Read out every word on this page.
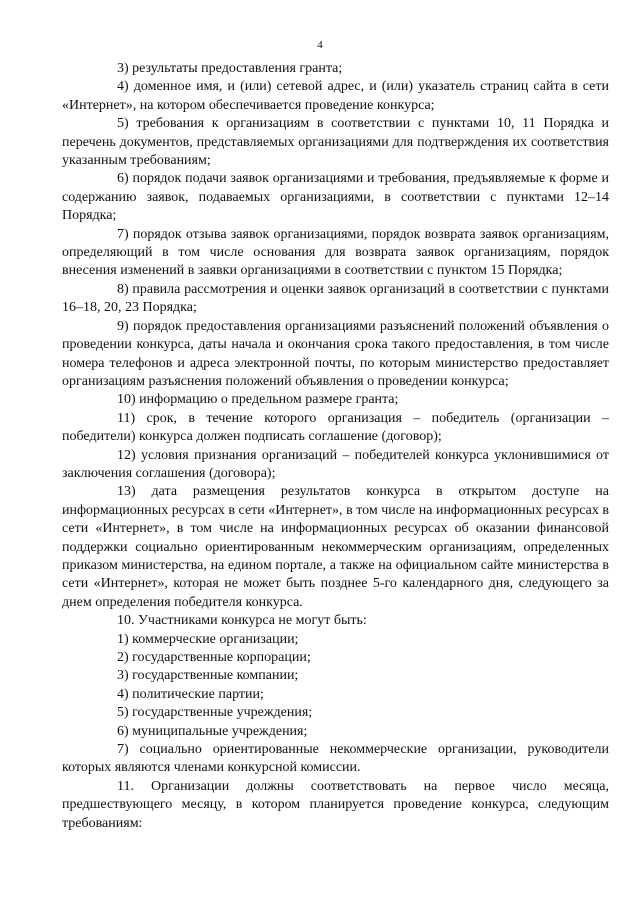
4

3) результаты предоставления гранта;

4) доменное имя, и (или) сетевой адрес, и (или) указатель страниц сайта в сети «Интернет», на котором обеспечивается проведение конкурса;

5) требования к организациям в соответствии с пунктами 10, 11 Порядка и перечень документов, представляемых организациями для подтверждения их соответствия указанным требованиям;

6) порядок подачи заявок организациями и требования, предъявляемые к форме и содержанию заявок, подаваемых организациями, в соответствии с пунктами 12–14 Порядка;

7) порядок отзыва заявок организациями, порядок возврата заявок организациям, определяющий в том числе основания для возврата заявок организациям, порядок внесения изменений в заявки организациями в соответствии с пунктом 15 Порядка;

8) правила рассмотрения и оценки заявок организаций в соответствии с пунктами 16–18, 20, 23 Порядка;

9) порядок предоставления организациями разъяснений положений объявления о проведении конкурса, даты начала и окончания срока такого предоставления, в том числе номера телефонов и адреса электронной почты, по которым министерство предоставляет организациям разъяснения положений объявления о проведении конкурса;

10) информацию о предельном размере гранта;

11) срок, в течение которого организация – победитель (организации – победители) конкурса должен подписать соглашение (договор);

12) условия признания организаций – победителей конкурса уклонившимися от заключения соглашения (договора);

13) дата размещения результатов конкурса в открытом доступе на информационных ресурсах в сети «Интернет», в том числе на информационных ресурсах в сети «Интернет», в том числе на информационных ресурсах об оказании финансовой поддержки социально ориентированным некоммерческим организациям, определенных приказом министерства, на едином портале, а также на официальном сайте министерства в сети «Интернет», которая не может быть позднее 5-го календарного дня, следующего за днем определения победителя конкурса.

10. Участниками конкурса не могут быть:

1) коммерческие организации;

2) государственные корпорации;

3) государственные компании;

4) политические партии;

5) государственные учреждения;

6) муниципальные учреждения;

7) социально ориентированные некоммерческие организации, руководители которых являются членами конкурсной комиссии.

11. Организации должны соответствовать на первое число месяца, предшествующего месяцу, в котором планируется проведение конкурса, следующим требованиям:
